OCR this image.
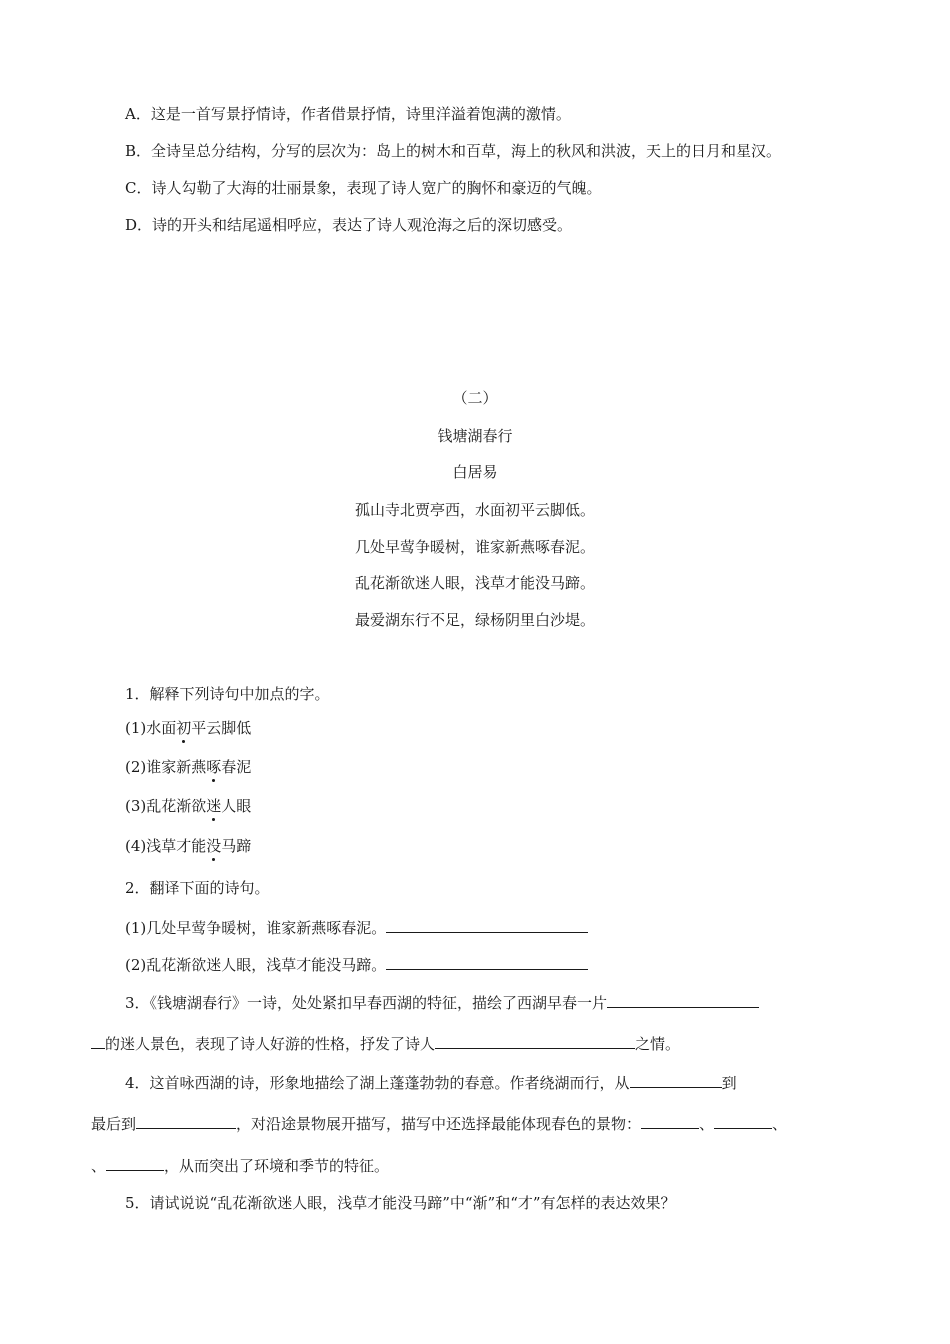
A．这是一首写景抒情诗，作者借景抒情，诗里洋溢着饱满的激情。
B．全诗呈总分结构，分写的层次为：岛上的树木和百草，海上的秋风和洪波，天上的日月和星汉。
C．诗人勾勒了大海的壮丽景象，表现了诗人宽广的胸怀和豪迈的气魄。
D．诗的开头和结尾遥相呼应，表达了诗人观沧海之后的深切感受。
（二）
钱塘湖春行
白居易
孤山寺北贾亭西，水面初平云脚低。
几处早莺争暖树，谁家新燕啄春泥。
乱花渐欲迷人眼，浅草才能没马蹄。
最爱湖东行不足，绿杨阴里白沙堤。
1．解释下列诗句中加点的字。
(1)水面初平云脚低
(2)谁家新燕啄春泥
(3)乱花渐欲迷人眼
(4)浅草才能没马蹄
2．翻译下面的诗句。
(1)几处早莺争暖树，谁家新燕啄春泥。
(2)乱花渐欲迷人眼，浅草才能没马蹄。
3．《钱塘湖春行》一诗，处处紧扣早春西湖的特征，描绘了西湖早春一片
的迷人景色，表现了诗人好游的性格，抒发了诗人	之情。
4．这首咏西湖的诗，形象地描绘了湖上蓬蓬勃勃的春意。作者绕湖而行，从	到
最后到	，对沿途景物展开描写，描写中还选择最能体现春色的景物：	、	、
、	，从而突出了环境和季节的特征。
5．请试说说“乱花渐欲迷人眼，浅草才能没马蹄”中“渐”和“才”有怎样的表达效果？
